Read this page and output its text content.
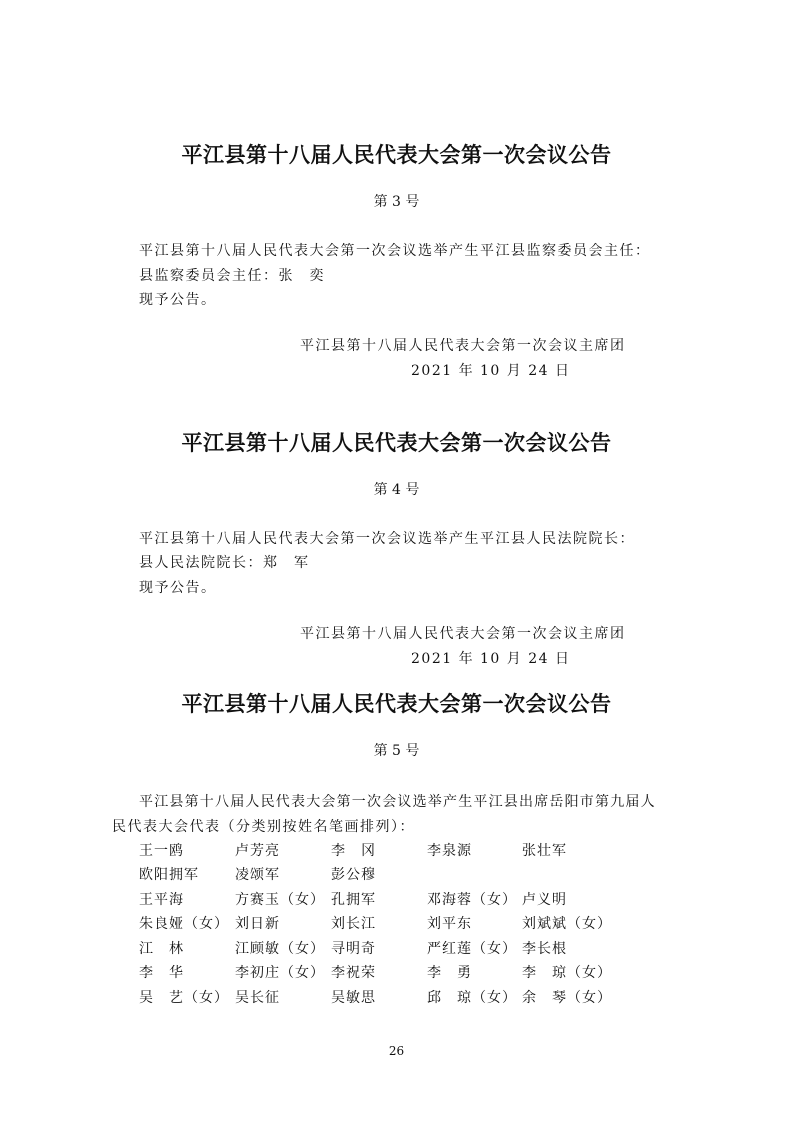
平江县第十八届人民代表大会第一次会议公告
第 3 号
平江县第十八届人民代表大会第一次会议选举产生平江县监察委员会主任：
县监察委员会主任：张　奕
现予公告。
平江县第十八届人民代表大会第一次会议主席团
2021 年 10 月 24 日
平江县第十八届人民代表大会第一次会议公告
第 4 号
平江县第十八届人民代表大会第一次会议选举产生平江县人民法院院长：
县人民法院院长：郑　军
现予公告。
平江县第十八届人民代表大会第一次会议主席团
2021 年 10 月 24 日
平江县第十八届人民代表大会第一次会议公告
第 5 号
平江县第十八届人民代表大会第一次会议选举产生平江县出席岳阳市第九届人
民代表大会代表（分类别按姓名笔画排列）：
王一鸥	卢芳亮	李　冈	李泉源	张壮军
欧阳拥军	凌颂军	彭公穆
王平海	方赛玉（女） 孔拥军	邓海蓉（女） 卢义明
朱良娅（女） 刘日新	刘长江	刘平东	刘斌斌（女）
江　林	江顾敏（女） 寻明奇	严红莲（女） 李长根
李　华	李初庄（女） 李祝荣	李　勇	李　琼（女）
吴　艺（女） 吴长征	吴敏思	邱　琼（女） 余　琴（女）
26
